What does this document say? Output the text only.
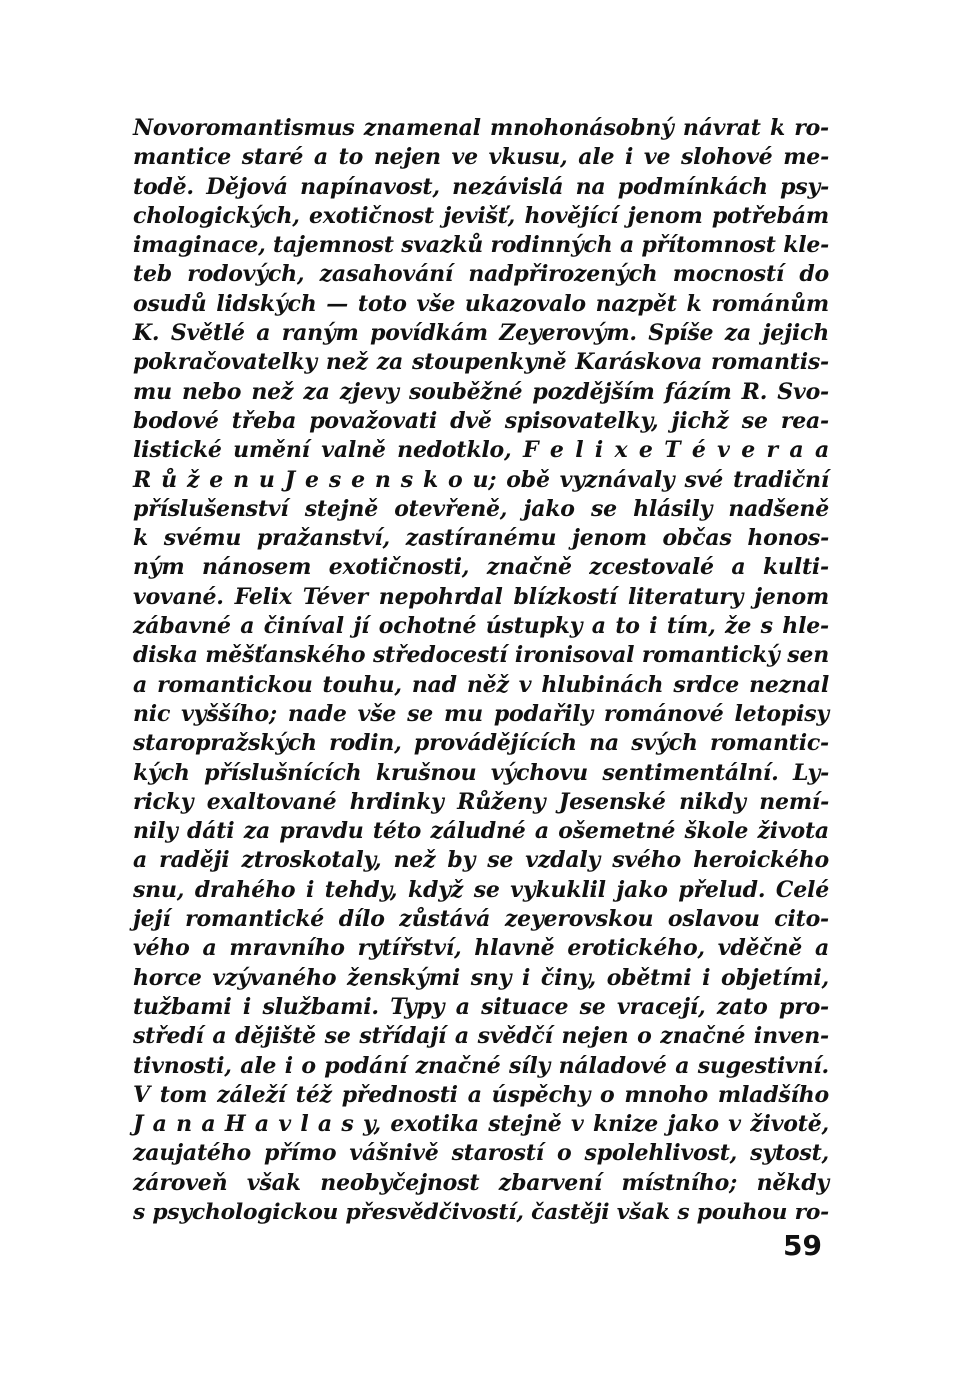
Novoromantismus znamenal mnohonásobný návrat k ro-
mantice staré a to nejen ve vkusu, ale i ve slohové me-
todě. Dějová napínavost, nezávislá na podmínkách psy-
chologických, exotičnost jevišť, hovějící jenom potřebám
imaginace, tajemnost svazků rodinných a přítomnost kle-
teb rodových, zasahování nadpřirozených mocností do
osudů lidských — toto vše ukazovalo nazpět k románům
K. Světlé a raným povídkám Zeyerovým. Spíše za jejich
pokračovatelky než za stoupenkyně Karáskova romantis-
mu nebo než za zjevy souběžné pozdějším fázím R. Svo-
bodové třeba považovati dvě spisovatelky, jichž se rea-
listické umění valně nedotklo, F e l i x e T é v e r a a
R ů ž e n u J e s e n s k o u; obě vyznávaly své tradiční
příslušenství stejně otevřeně, jako se hlásily nadšeně
k svému pražanství, zastíranému jenom občas honos-
ným nánosem exotičnosti, značně zcestovalé a kulti-
vované. Felix Téver nepohrdal blízkostí literatury jenom
zábavné a činíval jí ochotné ústupky a to i tím, že s hle-
diska měšťanského středocestí ironisoval romantický sen
a romantickou touhu, nad něž v hlubinách srdce neznal
nic vyššího; nade vše se mu podařily románové letopisy
staropražských rodin, provádějících na svých romantic-
kých příslušnících krušnou výchovu sentimentální. Ly-
ricky exaltované hrdinky Růženy Jesenské nikdy nemí-
nily dáti za pravdu této záludné a ošemetné škole života
a raději ztroskotaly, než by se vzdaly svého heroického
snu, drahého i tehdy, když se vykuklil jako přelud. Celé
její romantické dílo zůstává zeyerovskou oslavou cito-
vého a mravního rytířství, hlavně erotického, vděčně a
horce vzývaného ženskými sny i činy, obětmi i objetími,
tužbami i službami. Typy a situace se vracejí, zato pro-
středí a dějiště se střídají a svědčí nejen o značné inven-
tivnosti, ale i o podání značné síly náladové a sugestivní.
V tom záleží též přednosti a úspěchy o mnoho mladšího
J a n a H a v l a s y, exotika stejně v knize jako v životě,
zaujatého přímo vášnivě starostí o spolehlivost, sytost,
zároveň však neobyčejnost zbarvení místního; někdy
s psychologickou přesvědčivostí, častěji však s pouhou ro-
59
